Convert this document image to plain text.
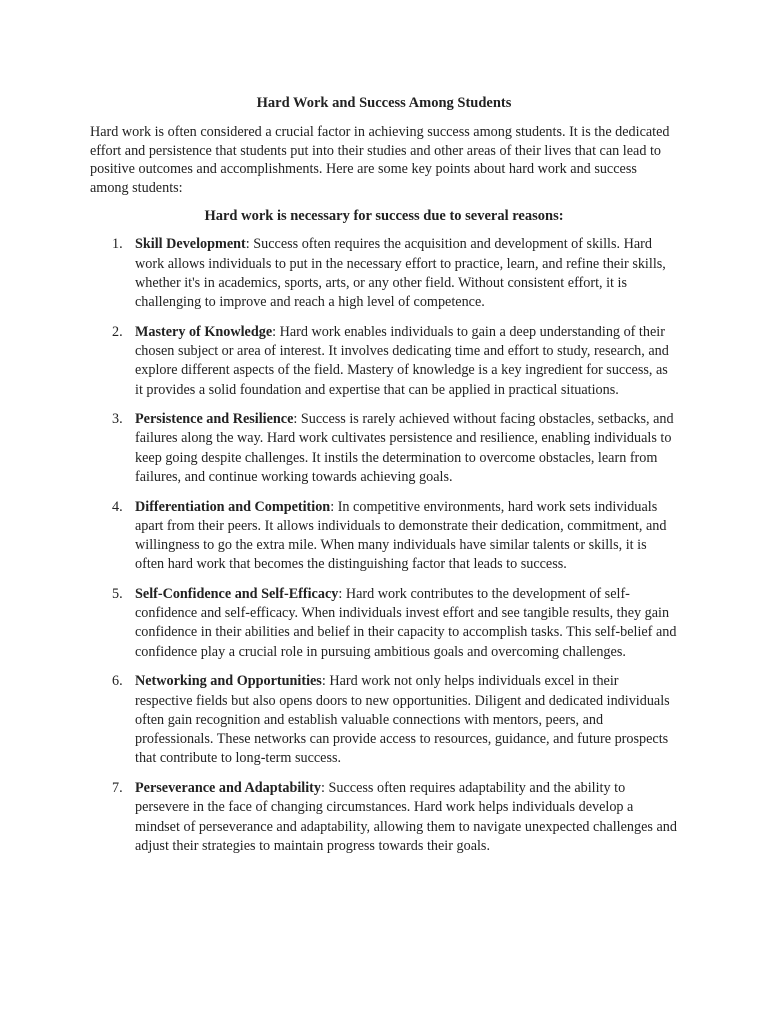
Hard Work and Success Among Students

Hard work is often considered a crucial factor in achieving success among students. It is the dedicated effort and persistence that students put into their studies and other areas of their lives that can lead to positive outcomes and accomplishments. Here are some key points about hard work and success among students:

Hard work is necessary for success due to several reasons:
1. Skill Development: Success often requires the acquisition and development of skills. Hard work allows individuals to put in the necessary effort to practice, learn, and refine their skills, whether it's in academics, sports, arts, or any other field. Without consistent effort, it is challenging to improve and reach a high level of competence.
2. Mastery of Knowledge: Hard work enables individuals to gain a deep understanding of their chosen subject or area of interest. It involves dedicating time and effort to study, research, and explore different aspects of the field. Mastery of knowledge is a key ingredient for success, as it provides a solid foundation and expertise that can be applied in practical situations.
3. Persistence and Resilience: Success is rarely achieved without facing obstacles, setbacks, and failures along the way. Hard work cultivates persistence and resilience, enabling individuals to keep going despite challenges. It instils the determination to overcome obstacles, learn from failures, and continue working towards achieving goals.
4. Differentiation and Competition: In competitive environments, hard work sets individuals apart from their peers. It allows individuals to demonstrate their dedication, commitment, and willingness to go the extra mile. When many individuals have similar talents or skills, it is often hard work that becomes the distinguishing factor that leads to success.
5. Self-Confidence and Self-Efficacy: Hard work contributes to the development of self-confidence and self-efficacy. When individuals invest effort and see tangible results, they gain confidence in their abilities and belief in their capacity to accomplish tasks. This self-belief and confidence play a crucial role in pursuing ambitious goals and overcoming challenges.
6. Networking and Opportunities: Hard work not only helps individuals excel in their respective fields but also opens doors to new opportunities. Diligent and dedicated individuals often gain recognition and establish valuable connections with mentors, peers, and professionals. These networks can provide access to resources, guidance, and future prospects that contribute to long-term success.
7. Perseverance and Adaptability: Success often requires adaptability and the ability to persevere in the face of changing circumstances. Hard work helps individuals develop a mindset of perseverance and adaptability, allowing them to navigate unexpected challenges and adjust their strategies to maintain progress towards their goals.
